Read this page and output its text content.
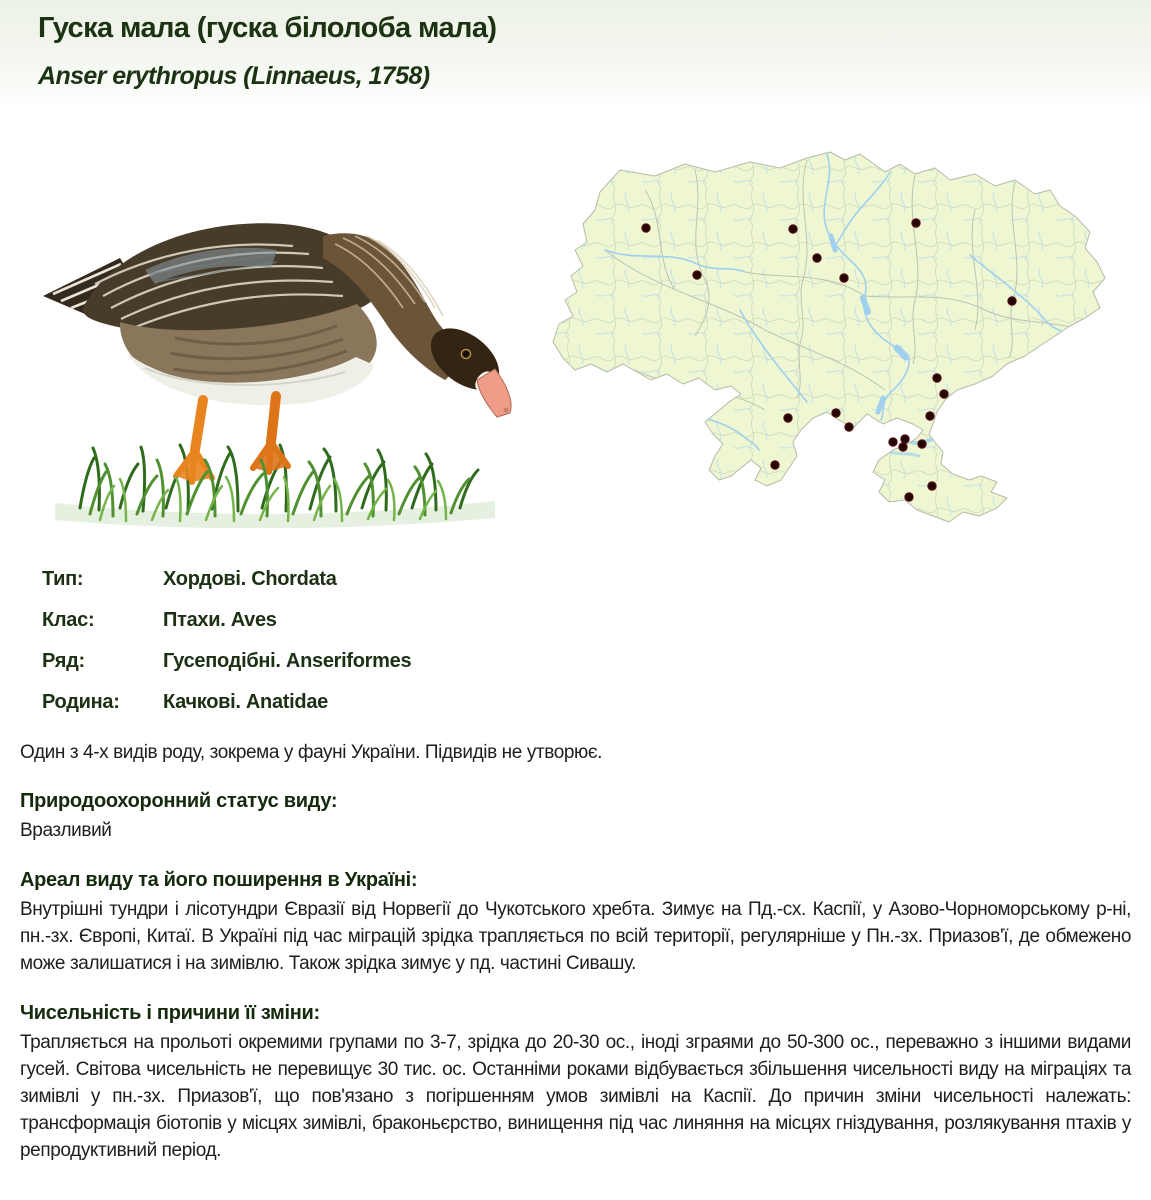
Гуска мала (гуска білолоба мала)
Anser erythropus (Linnaeus, 1758)
Тип:	Хордові. Chordata
Клас:	Птахи. Aves
Ряд:	Гусеподібні. Anseriformes
Родина:	Качкові. Anatidae

Один з 4-х видів роду, зокрема у фауні України. Підвидів не утворює.

Природоохоронний статус виду:

Вразливий

Ареал виду та його поширення в Україні:

Внутрішні тундри і лісотундри Євразії від Норвегії до Чукотського хребта. Зимує на Пд.-сх. Каспії, у Азово-Чорноморському р-ні, пн.-зх. Європі, Китаї. В Україні під час міграцій зрідка трапляється по всій території, регулярніше у Пн.-зх. Приазов'ї, де обмежено може залишатися і на зимівлю. Також зрідка зимує у пд. частині Сивашу.

Чисельність і причини її зміни:

Трапляється на прольоті окремими групами по 3-7, зрідка до 20-30 ос., іноді зграями до 50-300 ос., переважно з іншими видами гусей. Світова чисельність не перевищує 30 тис. ос. Останніми роками відбувається збільшення чисельності виду на міграціях та зимівлі у пн.-зх. Приазов'ї, що пов'язано з погіршенням умов зимівлі на Каспії. До причин зміни чисельності належать: трансформація біотопів у місцях зимівлі, браконьєрство, винищення під час линяння на місцях гніздування, розлякування птахів у репродуктивний період.
